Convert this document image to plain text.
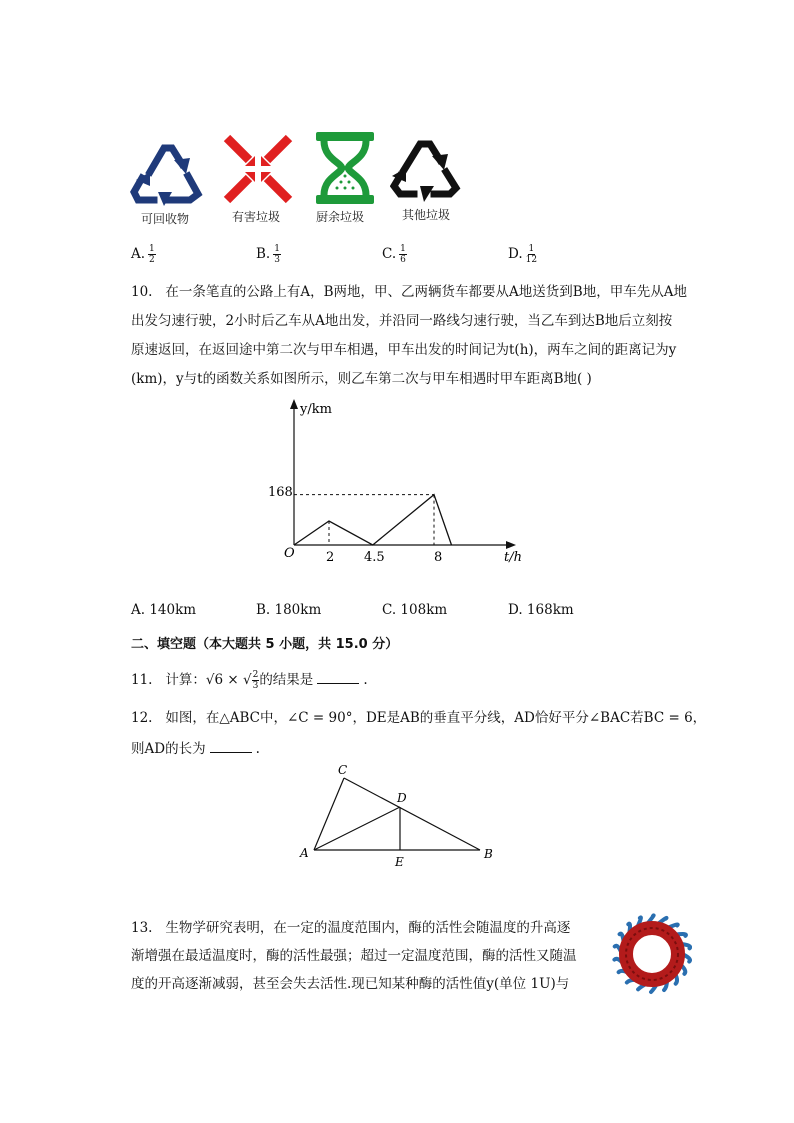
可回收物	有害垃圾	厨余垃圾	其他垃圾
A. $\frac{1}{2}$	B. $\frac{1}{3}$	C. $\frac{1}{6}$	D. $\frac{1}{12}$
10. 在一条笔直的公路上有A，B两地，甲、乙两辆货车都要从A地送货到B地，甲车先从A地
出发匀速行驶，2小时后乙车从A地出发，并沿同一路线匀速行驶，当乙车到达B地后立刻按
原速返回，在返回途中第二次与甲车相遇，甲车出发的时间记为t(h)，两车之间的距离记为y
(km)，y与t的函数关系如图所示，则乙车第二次与甲车相遇时甲车距离B地( )
y/km
t/h
O 2 4.5	8
168
A. 140km	B. 180km	C. 108km	D. 168km
二、填空题（本大题共 5 小题，共 15.0 分）
11. 计算：√6 × √ $\frac{2}{3}$ 的结果是	.
12. 如图，在△ABC中，∠C = 90°，DE是AB的垂直平分线，AD恰好平分∠BAC若BC = 6，
则AD的长为	.
C
D
A
E
B
13. 生物学研究表明，在一定的温度范围内，酶的活性会随温度的升高逐
渐增强在最适温度时，酶的活性最强；超过一定温度范围，酶的活性又随温
度的开高逐渐减弱，甚至会失去活性.现已知某种酶的活性值y(单位 1U)与
